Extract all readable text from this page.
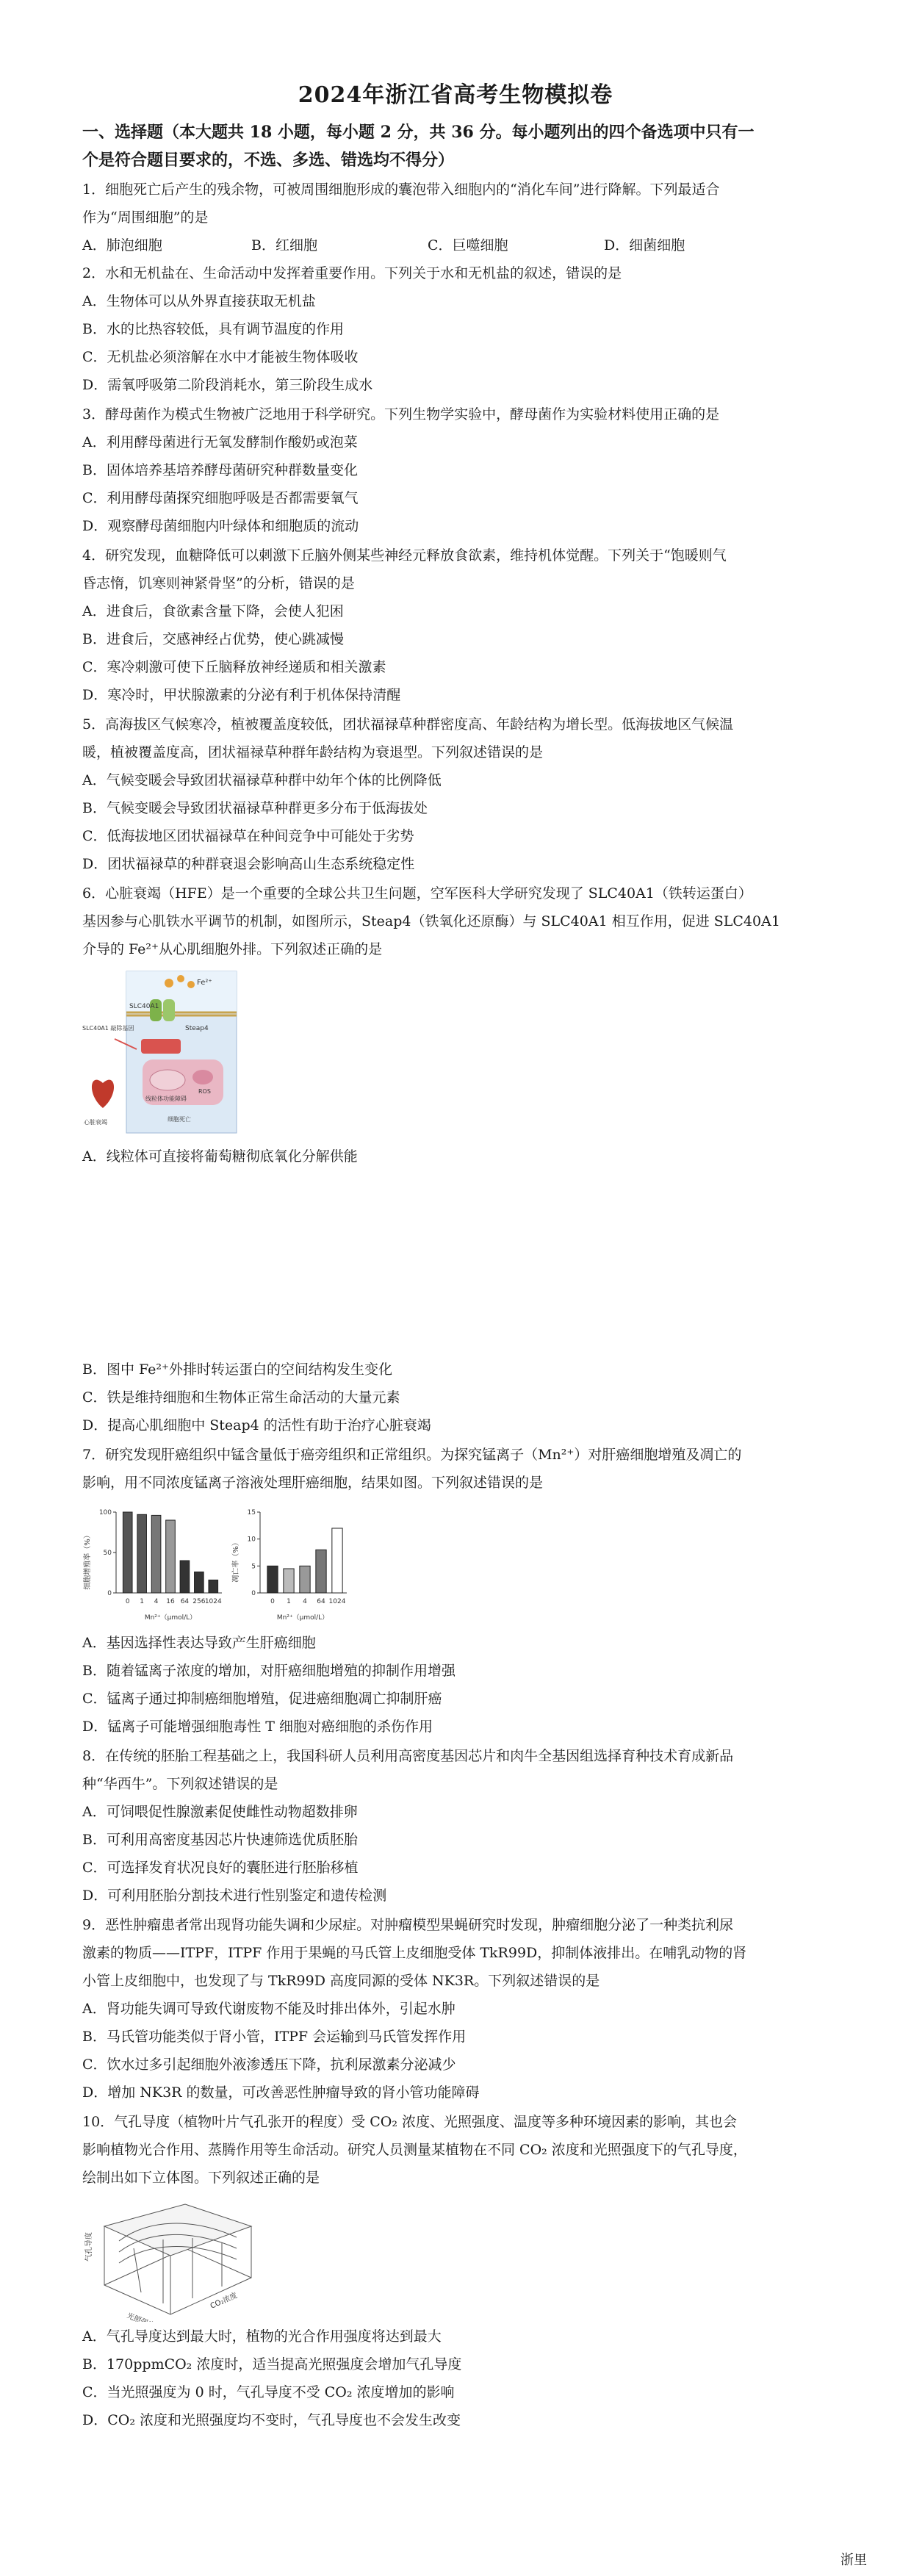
2024年浙江省高考生物模拟卷
一、选择题（本大题共 18 小题，每小题 2 分，共 36 分。每小题列出的四个备选项中只有一
个是符合题目要求的，不选、多选、错选均不得分）
1．细胞死亡后产生的残余物，可被周围细胞形成的囊泡带入细胞内的“消化车间”进行降解。下列最适合
作为“周围细胞”的是
A．肺泡细胞	B．红细胞	C．巨噬细胞	D．细菌细胞
2．水和无机盐在、生命活动中发挥着重要作用。下列关于水和无机盐的叙述，错误的是
A．生物体可以从外界直接获取无机盐
B．水的比热容较低，具有调节温度的作用
C．无机盐必须溶解在水中才能被生物体吸收
D．需氧呼吸第二阶段消耗水，第三阶段生成水
3．酵母菌作为模式生物被广泛地用于科学研究。下列生物学实验中，酵母菌作为实验材料使用正确的是
A．利用酵母菌进行无氧发酵制作酸奶或泡菜
B．固体培养基培养酵母菌研究种群数量变化
C．利用酵母菌探究细胞呼吸是否都需要氧气
D．观察酵母菌细胞内叶绿体和细胞质的流动
4．研究发现，血糖降低可以刺激下丘脑外侧某些神经元释放食欲素，维持机体觉醒。下列关于“饱暖则气
昏志惰，饥寒则神紧骨坚”的分析，错误的是
A．进食后，食欲素含量下降，会使人犯困
B．进食后，交感神经占优势，使心跳减慢
C．寒冷刺激可使下丘脑释放神经递质和相关激素
D．寒冷时，甲状腺激素的分泌有利于机体保持清醒
5．高海拔区气候寒冷，植被覆盖度较低，团状福禄草种群密度高、年龄结构为增长型。低海拔地区气候温
暖，植被覆盖度高，团状福禄草种群年龄结构为衰退型。下列叙述错误的是
A．气候变暖会导致团状福禄草种群中幼年个体的比例降低
B．气候变暖会导致团状福禄草种群更多分布于低海拔处
C．低海拔地区团状福禄草在种间竞争中可能处于劣势
D．团状福禄草的种群衰退会影响高山生态系统稳定性
6．心脏衰竭（HFE）是一个重要的全球公共卫生问题，空军医科大学研究发现了 SLC40A1（铁转运蛋白）
基因参与心肌铁水平调节的机制，如图所示，Steap4（铁氧化还原酶）与 SLC40A1 相互作用，促进 SLC40A1
介导的 Fe²⁺从心肌细胞外排。下列叙述正确的是
Fe²⁺
SLC40A1
Steap4
线粒体功能障碍
ROS
细胞死亡
SLC40A1 敲除基因
心脏衰竭
A．线粒体可直接将葡萄糖彻底氧化分解供能
B．图中 Fe²⁺外排时转运蛋白的空间结构发生变化
C．铁是维持细胞和生物体正常生命活动的大量元素
D．提高心肌细胞中 Steap4 的活性有助于治疗心脏衰竭
7．研究发现肝癌组织中锰含量低于癌旁组织和正常组织。为探究锰离子（Mn²⁺）对肝癌细胞增殖及凋亡的
影响，用不同浓度锰离子溶液处理肝癌细胞，结果如图。下列叙述错误的是
细胞增殖率（%）
Mn²⁺（μmol/L）
0
50
100
0 1 4 16 64 256 1024
凋亡率（%）
Mn²⁺（μmol/L）
0
5
10
15
0 1 4 64 1024
A．基因选择性表达导致产生肝癌细胞
B．随着锰离子浓度的增加，对肝癌细胞增殖的抑制作用增强
C．锰离子通过抑制癌细胞增殖，促进癌细胞凋亡抑制肝癌
D．锰离子可能增强细胞毒性 T 细胞对癌细胞的杀伤作用
8．在传统的胚胎工程基础之上，我国科研人员利用高密度基因芯片和肉牛全基因组选择育种技术育成新品
种“华西牛”。下列叙述错误的是
A．可饲喂促性腺激素促使雌性动物超数排卵
B．可利用高密度基因芯片快速筛选优质胚胎
C．可选择发育状况良好的囊胚进行胚胎移植
D．可利用胚胎分割技术进行性别鉴定和遗传检测
9．恶性肿瘤患者常出现肾功能失调和少尿症。对肿瘤模型果蝇研究时发现，肿瘤细胞分泌了一种类抗利尿
激素的物质——ITPF，ITPF 作用于果蝇的马氏管上皮细胞受体 TkR99D，抑制体液排出。在哺乳动物的肾
小管上皮细胞中，也发现了与 TkR99D 高度同源的受体 NK3R。下列叙述错误的是
A．肾功能失调可导致代谢废物不能及时排出体外，引起水肿
B．马氏管功能类似于肾小管，ITPF 会运输到马氏管发挥作用
C．饮水过多引起细胞外液渗透压下降，抗利尿激素分泌减少
D．增加 NK3R 的数量，可改善恶性肿瘤导致的肾小管功能障碍
10．气孔导度（植物叶片气孔张开的程度）受 CO₂ 浓度、光照强度、温度等多种环境因素的影响，其也会
影响植物光合作用、蒸腾作用等生命活动。研究人员测量某植物在不同 CO₂ 浓度和光照强度下的气孔导度，
绘制出如下立体图。下列叙述正确的是
气孔导度
光照强度
CO₂浓度
A．气孔导度达到最大时，植物的光合作用强度将达到最大
B．170ppmCO₂ 浓度时，适当提高光照强度会增加气孔导度
C．当光照强度为 0 时，气孔导度不受 CO₂ 浓度增加的影响
D．CO₂ 浓度和光照强度均不变时，气孔导度也不会发生改变
浙里
